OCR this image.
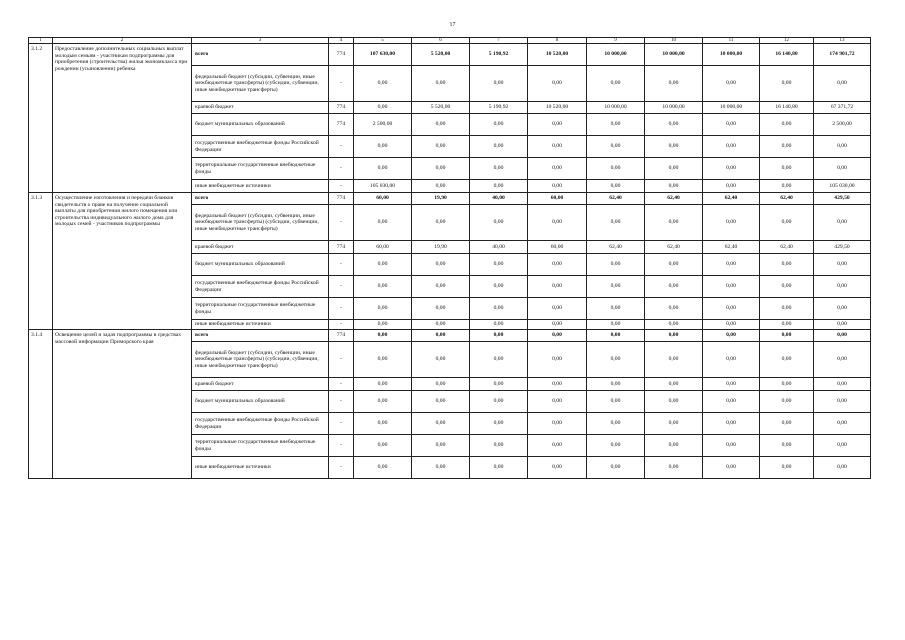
17
1	2	3	4	5	6	7	8	9	10	11	12	13
3.1.2	Предоставление дополнительных социальных выплат молодым семьям - участникам подпрограммы для приобретения (строительства) жилья экономкласса при рождении (усыновлении) ребенка	всего	774	107 630,00	5 520,00	5 190,92	10 520,00	10 000,00	10 000,00	10 000,00	16 140,80	174 901,72
		федеральный бюджет (субсидии, субвенции, иные межбюджетные трансферты) (субсидии, субвенции, иные межбюджетные трансферты)	-	0,00	0,00	0,00	0,00	0,00	0,00	0,00	0,00	0,00
		краевой бюджет	774	0,00	5 520,00	5 190,92	10 520,00	10 000,00	10 000,00	10 000,00	16 140,80	67 371,72
		бюджет муниципальных образований	774	2 500,00	0,00	0,00	0,00	0,00	0,00	0,00	0,00	2 500,00
		государственные внебюджетные фонды Российской Федерации	-	0,00	0,00	0,00	0,00	0,00	0,00	0,00	0,00	0,00
		территориальные государственные внебюджетные фонды	-	0,00	0,00	0,00	0,00	0,00	0,00	0,00	0,00	0,00
		иные внебюджетные источники	-	105 030,00	0,00	0,00	0,00	0,00	0,00	0,00	0,00	105 030,00
3.1.3	Осуществление изготовления и передачи бланков свидетельств о праве на получение социальной выплаты для приобретения жилого помещения или строительства индивидуального жилого дома для молодых семей - участников подпрограммы	всего	774	60,00	19,90	40,00	60,00	62,40	62,40	62,40	62,40	429,50
		федеральный бюджет (субсидии, субвенции, иные межбюджетные трансферты) (субсидии, субвенции, иные межбюджетные трансферты)	-	0,00	0,00	0,00	0,00	0,00	0,00	0,00	0,00	0,00
		краевой бюджет	774	60,00	19,90	40,00	60,00	62,40	62,40	62,40	62,40	429,50
		бюджет муниципальных образований	-	0,00	0,00	0,00	0,00	0,00	0,00	0,00	0,00	0,00
		государственные внебюджетные фонды Российской Федерации	-	0,00	0,00	0,00	0,00	0,00	0,00	0,00	0,00	0,00
		территориальные государственные внебюджетные фонды	-	0,00	0,00	0,00	0,00	0,00	0,00	0,00	0,00	0,00
		иные внебюджетные источники	-	0,00	0,00	0,00	0,00	0,00	0,00	0,00	0,00	0,00
3.1.4	Освещение целей и задач подпрограммы в средствах массовой информации Приморского края	всего	774	0,00	0,00	0,00	0,00	0,00	0,00	0,00	0,00	0,00
		федеральный бюджет (субсидии, субвенции, иные межбюджетные трансферты) (субсидии, субвенции, иные межбюджетные трансферты)	-	0,00	0,00	0,00	0,00	0,00	0,00	0,00	0,00	0,00
		краевой бюджет	-	0,00	0,00	0,00	0,00	0,00	0,00	0,00	0,00	0,00
		бюджет муниципальных образований	-	0,00	0,00	0,00	0,00	0,00	0,00	0,00	0,00	0,00
		государственные внебюджетные фонды Российской Федерации	-	0,00	0,00	0,00	0,00	0,00	0,00	0,00	0,00	0,00
		территориальные государственные внебюджетные фонды	-	0,00	0,00	0,00	0,00	0,00	0,00	0,00	0,00	0,00
		иные внебюджетные источники	-	0,00	0,00	0,00	0,00	0,00	0,00	0,00	0,00	0,00
